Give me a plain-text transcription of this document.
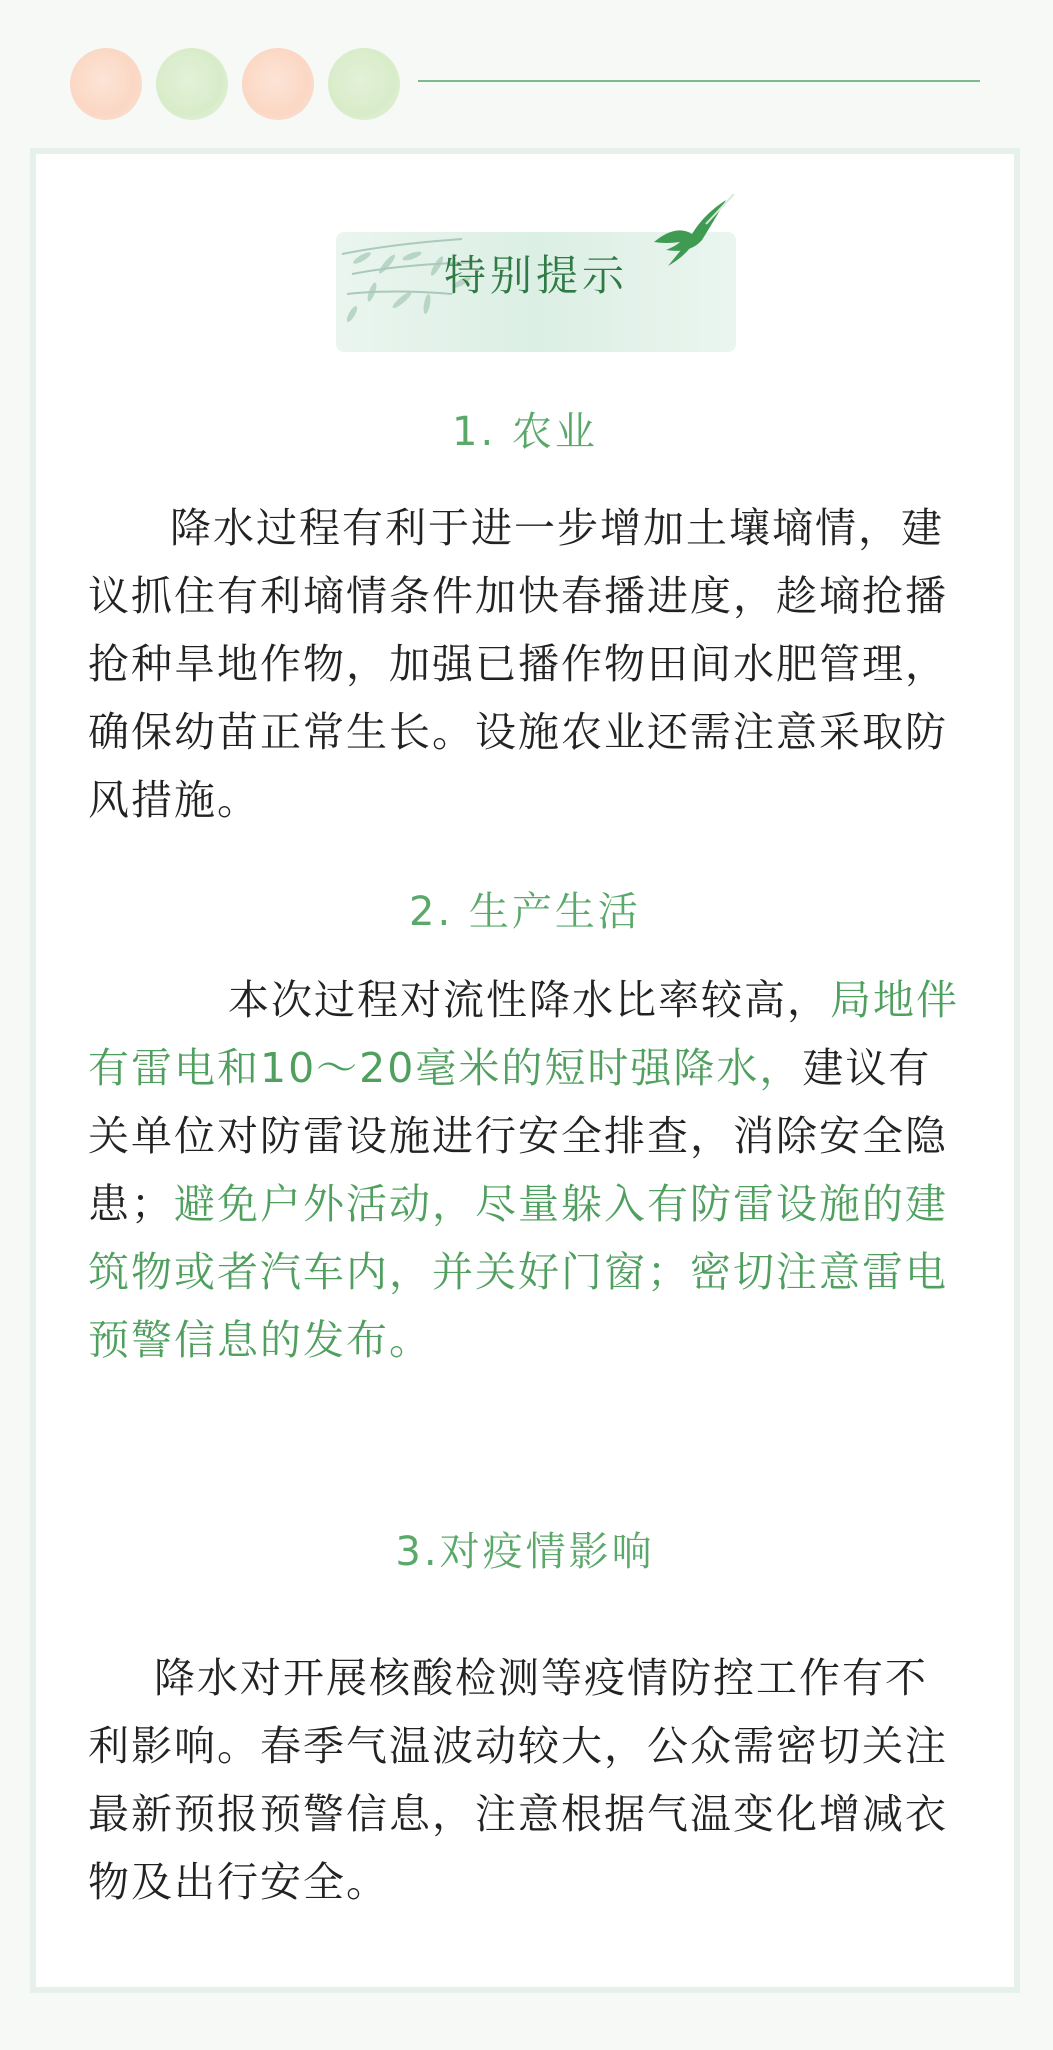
特别提示
1. 农业
降水过程有利于进一步增加土壤墒情，建议抓住有利墒情条件加快春播进度，趁墒抢播抢种旱地作物，加强已播作物田间水肥管理，确保幼苗正常生长。设施农业还需注意采取防风措施。
2. 生产生活
本次过程对流性降水比率较高，局地伴有雷电和10～20毫米的短时强降水，建议有关单位对防雷设施进行安全排查，消除安全隐患；避免户外活动，尽量躲入有防雷设施的建筑物或者汽车内，并关好门窗；密切注意雷电预警信息的发布。
3.对疫情影响
降水对开展核酸检测等疫情防控工作有不利影响。春季气温波动较大，公众需密切关注最新预报预警信息，注意根据气温变化增减衣物及出行安全。
